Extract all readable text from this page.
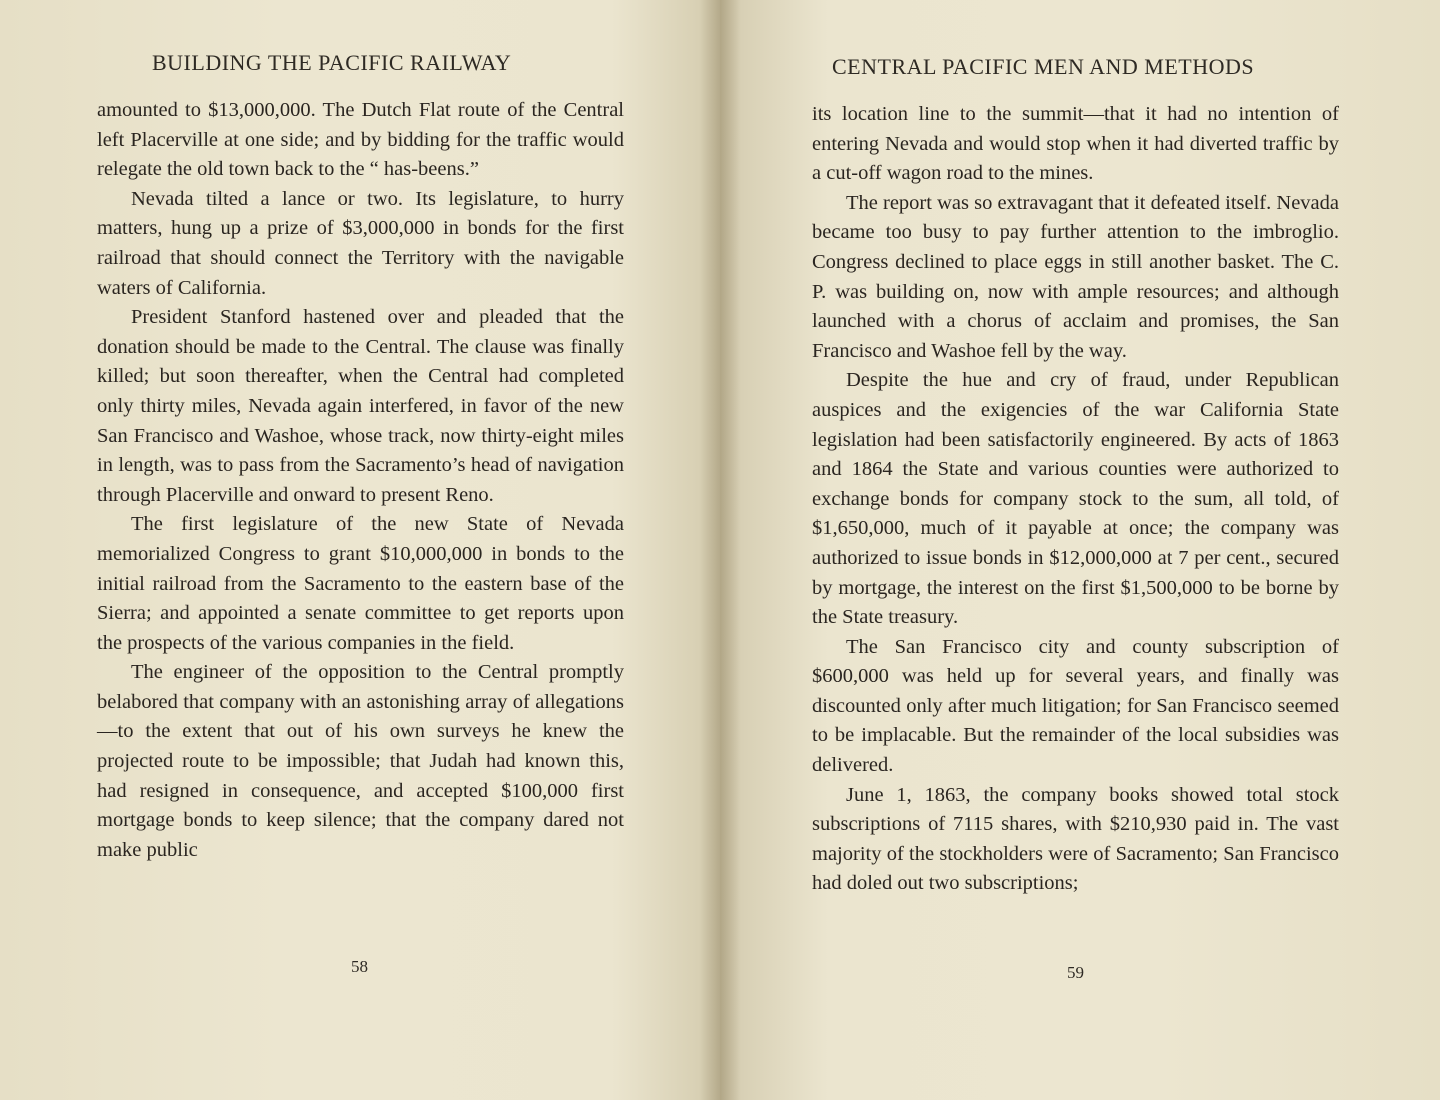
BUILDING THE PACIFIC RAILWAY

amounted to $13,000,000. The Dutch Flat route of the Central left Placerville at one side; and by bidding for the traffic would relegate the old town back to the “ has-beens.”

Nevada tilted a lance or two. Its legislature, to hurry matters, hung up a prize of $3,000,000 in bonds for the first railroad that should connect the Territory with the navigable waters of California.

President Stanford hastened over and pleaded that the donation should be made to the Central. The clause was finally killed; but soon thereafter, when the Central had completed only thirty miles, Nevada again interfered, in favor of the new San Francisco and Washoe, whose track, now thirty-eight miles in length, was to pass from the Sacramento’s head of navigation through Placerville and onward to present Reno.

The first legislature of the new State of Nevada memorialized Congress to grant $10,000,000 in bonds to the initial railroad from the Sacramento to the eastern base of the Sierra; and appointed a senate committee to get reports upon the prospects of the various companies in the field.

The engineer of the opposition to the Central promptly belabored that company with an astonishing array of allegations—to the extent that out of his own surveys he knew the projected route to be impossible; that Judah had known this, had resigned in consequence, and accepted $100,000 first mortgage bonds to keep silence; that the company dared not make public

58
CENTRAL PACIFIC MEN AND METHODS

its location line to the summit—that it had no intention of entering Nevada and would stop when it had diverted traffic by a cut-off wagon road to the mines.

The report was so extravagant that it defeated itself. Nevada became too busy to pay further attention to the imbroglio. Congress declined to place eggs in still another basket. The C. P. was building on, now with ample resources; and although launched with a chorus of acclaim and promises, the San Francisco and Washoe fell by the way.

Despite the hue and cry of fraud, under Republican auspices and the exigencies of the war California State legislation had been satisfactorily engineered. By acts of 1863 and 1864 the State and various counties were authorized to exchange bonds for company stock to the sum, all told, of $1,650,000, much of it payable at once; the company was authorized to issue bonds in $12,000,000 at 7 per cent., secured by mortgage, the interest on the first $1,500,000 to be borne by the State treasury.

The San Francisco city and county subscription of $600,000 was held up for several years, and finally was discounted only after much litigation; for San Francisco seemed to be implacable. But the remainder of the local subsidies was delivered.

June 1, 1863, the company books showed total stock subscriptions of 7115 shares, with $210,930 paid in. The vast majority of the stockholders were of Sacramento; San Francisco had doled out two subscriptions;

59
